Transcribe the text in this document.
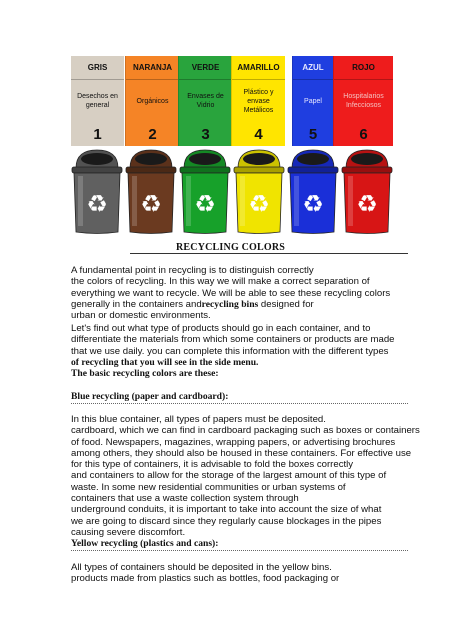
GRIS
Desechos en general
1
NARANJA
Orgánicos
2
VERDE
Envases de Vidrio
3
AMARILLO
Plástico y envase Metálicos
4
AZUL
Papel
5
ROJO
Hospitalarios Infecciosos
6
♻ ♻ ♻ ♻ ♻ ♻
RECYCLING COLORS
A fundamental point in recycling is to distinguish correctly
the colors of recycling. In this way we will make a correct separation of
everything we want to recycle. We will be able to see these recycling colors
generally in the containers andrecycling bins designed for
urban or domestic environments.
Let's find out what type of products should go in each container, and to
differentiate the materials from which some containers or products are made
that we use daily. you can complete this information with the different types
of recycling that you will see in the side menu.
The basic recycling colors are these:
Blue recycling (paper and cardboard):
In this blue container, all types of papers must be deposited.
cardboard, which we can find in cardboard packaging such as boxes or containers
of food. Newspapers, magazines, wrapping papers, or advertising brochures
among others, they should also be housed in these containers. For effective use
for this type of containers, it is advisable to fold the boxes correctly
and containers to allow for the storage of the largest amount of this type of
waste. In some new residential communities or urban systems of
containers that use a waste collection system through
underground conduits, it is important to take into account the size of what
we are going to discard since they regularly cause blockages in the pipes
causing severe discomfort.
Yellow recycling (plastics and cans):
All types of containers should be deposited in the yellow bins.
products made from plastics such as bottles, food packaging or
